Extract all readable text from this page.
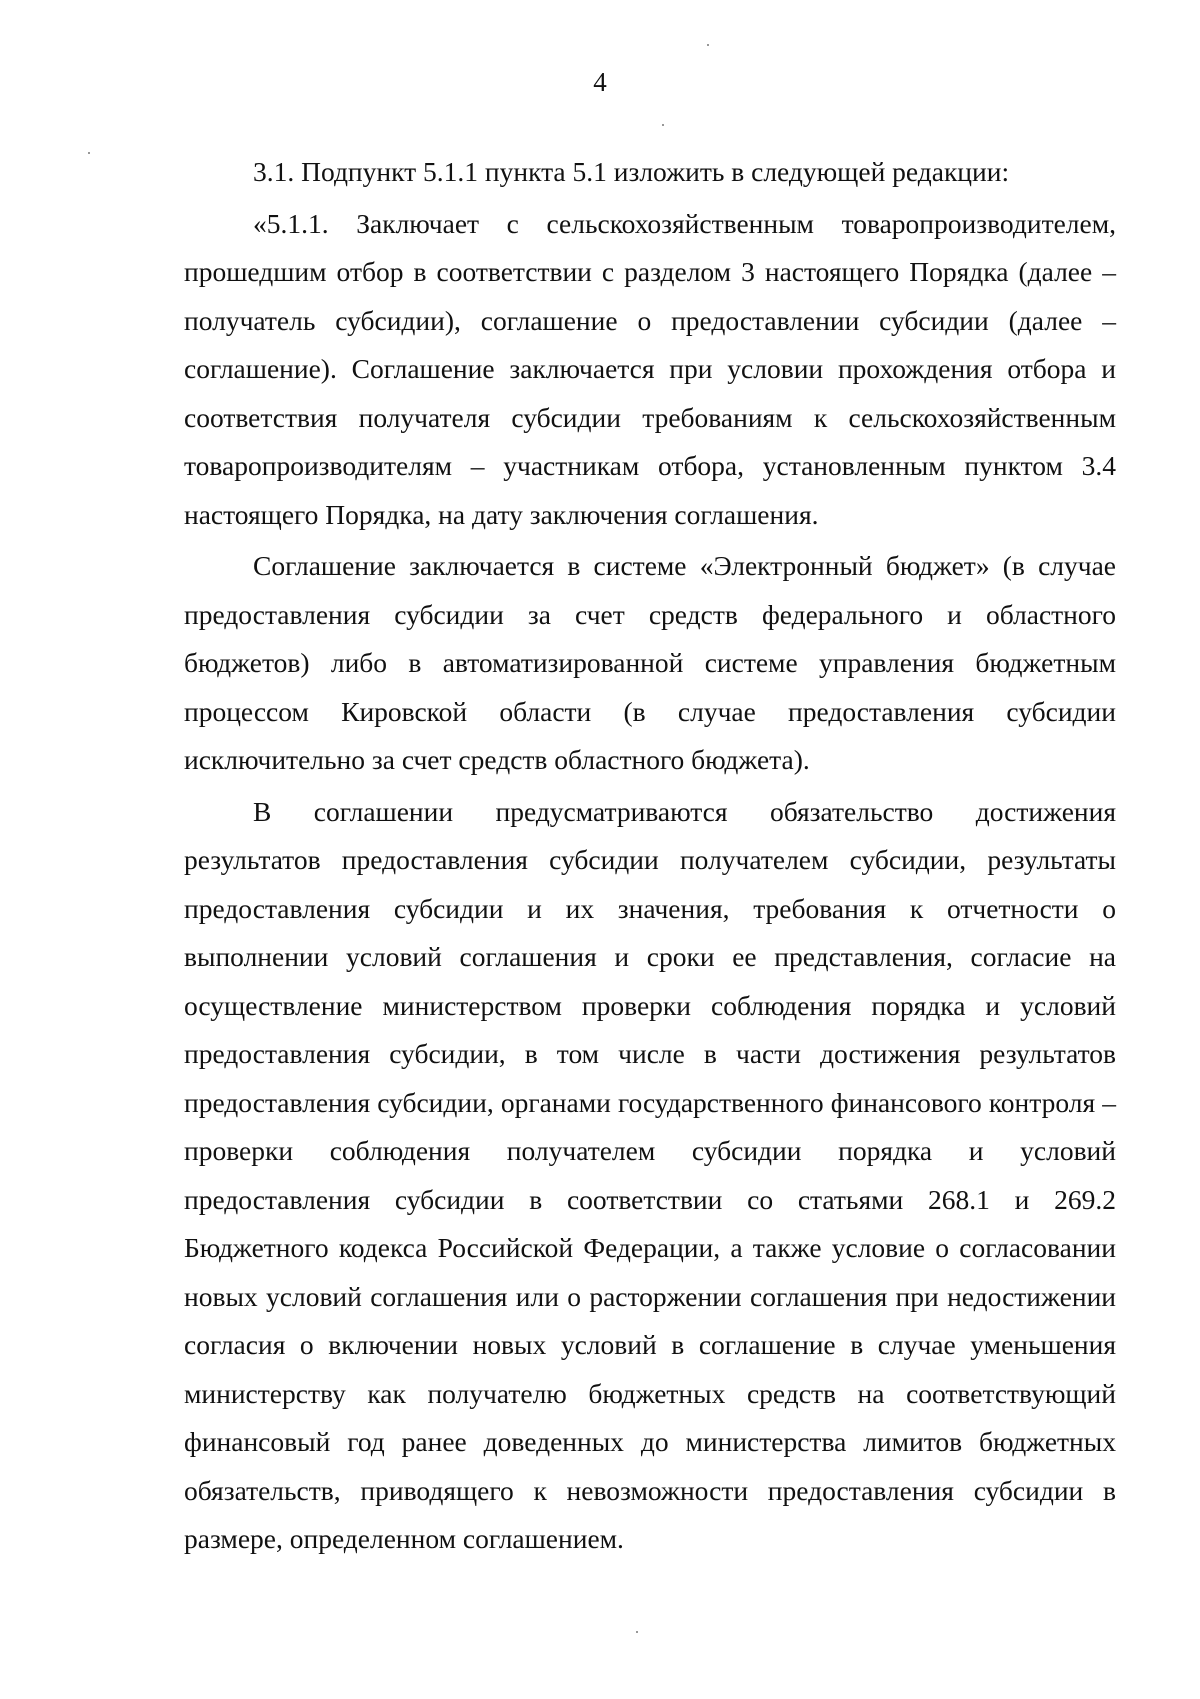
4

3.1. Подпункт 5.1.1 пункта 5.1 изложить в следующей редакции:

«5.1.1. Заключает с сельскохозяйственным товаропроизводителем, прошедшим отбор в соответствии с разделом 3 настоящего Порядка (далее – получатель субсидии), соглашение о предоставлении субсидии (далее – соглашение). Соглашение заключается при условии прохождения отбора и соответствия получателя субсидии требованиям к сельскохозяйственным товаропроизводителям – участникам отбора, установленным пунктом 3.4 настоящего Порядка, на дату заключения соглашения.

Соглашение заключается в системе «Электронный бюджет» (в случае предоставления субсидии за счет средств федерального и областного бюджетов) либо в автоматизированной системе управления бюджетным процессом Кировской области (в случае предоставления субсидии исключительно за счет средств областного бюджета).

В соглашении предусматриваются обязательство достижения результатов предоставления субсидии получателем субсидии, результаты предоставления субсидии и их значения, требования к отчетности о выполнении условий соглашения и сроки ее представления, согласие на осуществление министерством проверки соблюдения порядка и условий предоставления субсидии, в том числе в части достижения результатов предоставления субсидии, органами государственного финансового контроля – проверки соблюдения получателем субсидии порядка и условий предоставления субсидии в соответствии со статьями 268.1 и 269.2 Бюджетного кодекса Российской Федерации, а также условие о согласовании новых условий соглашения или о расторжении соглашения при недостижении согласия о включении новых условий в соглашение в случае уменьшения министерству как получателю бюджетных средств на соответствующий финансовый год ранее доведенных до министерства лимитов бюджетных обязательств, приводящего к невозможности предоставления субсидии в размере, определенном соглашением.
